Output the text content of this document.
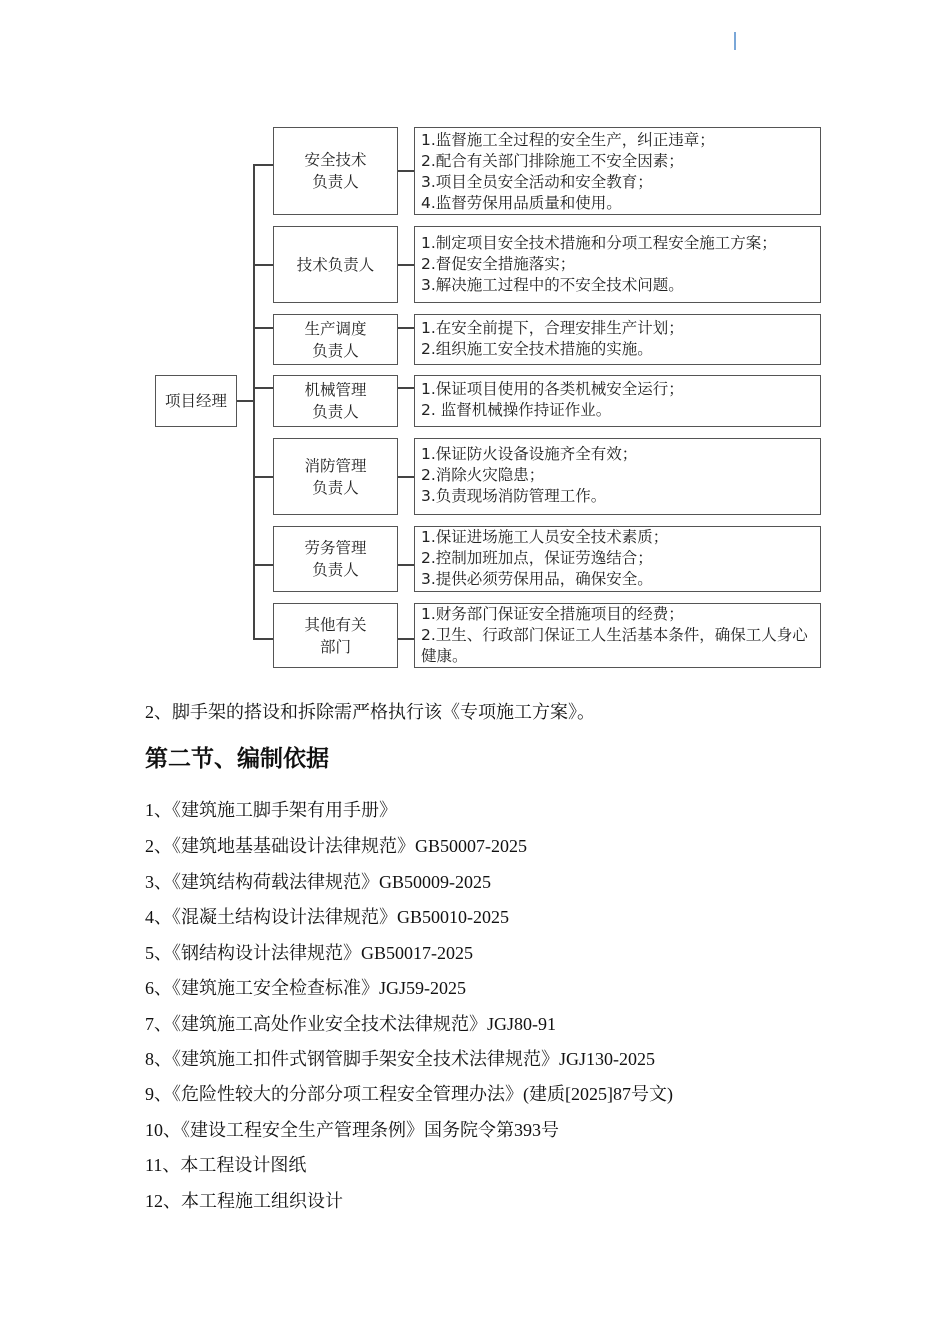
项目经理
安全技术
负责人
1.监督施工全过程的安全生产，纠正违章；
2.配合有关部门排除施工不安全因素；
3.项目全员安全活动和安全教育；
4.监督劳保用品质量和使用。
技术负责人
1.制定项目安全技术措施和分项工程安全施工方案；
2.督促安全措施落实；
3.解决施工过程中的不安全技术问题。
生产调度
负责人
1.在安全前提下，合理安排生产计划；
2.组织施工安全技术措施的实施。
机械管理
负责人
1.保证项目使用的各类机械安全运行；
2. 监督机械操作持证作业。
消防管理
负责人
1.保证防火设备设施齐全有效；
2.消除火灾隐患；
3.负责现场消防管理工作。
劳务管理
负责人
1.保证进场施工人员安全技术素质；
2.控制加班加点，保证劳逸结合；
3.提供必须劳保用品，确保安全。
其他有关
部门
1.财务部门保证安全措施项目的经费；
2.卫生、行政部门保证工人生活基本条件，确保工人身心健康。
2、脚手架的搭设和拆除需严格执行该《专项施工方案》。
第二节、编制依据
1、《建筑施工脚手架有用手册》
2、《建筑地基基础设计法律规范》GB50007-2025
3、《建筑结构荷载法律规范》GB50009-2025
4、《混凝土结构设计法律规范》GB50010-2025
5、《钢结构设计法律规范》GB50017-2025
6、《建筑施工安全检查标准》JGJ59-2025
7、《建筑施工高处作业安全技术法律规范》JGJ80-91
8、《建筑施工扣件式钢管脚手架安全技术法律规范》JGJ130-2025
9、《危险性较大的分部分项工程安全管理办法》(建质[2025]87号文)
10、《建设工程安全生产管理条例》国务院令第393号
11、本工程设计图纸
12、本工程施工组织设计
